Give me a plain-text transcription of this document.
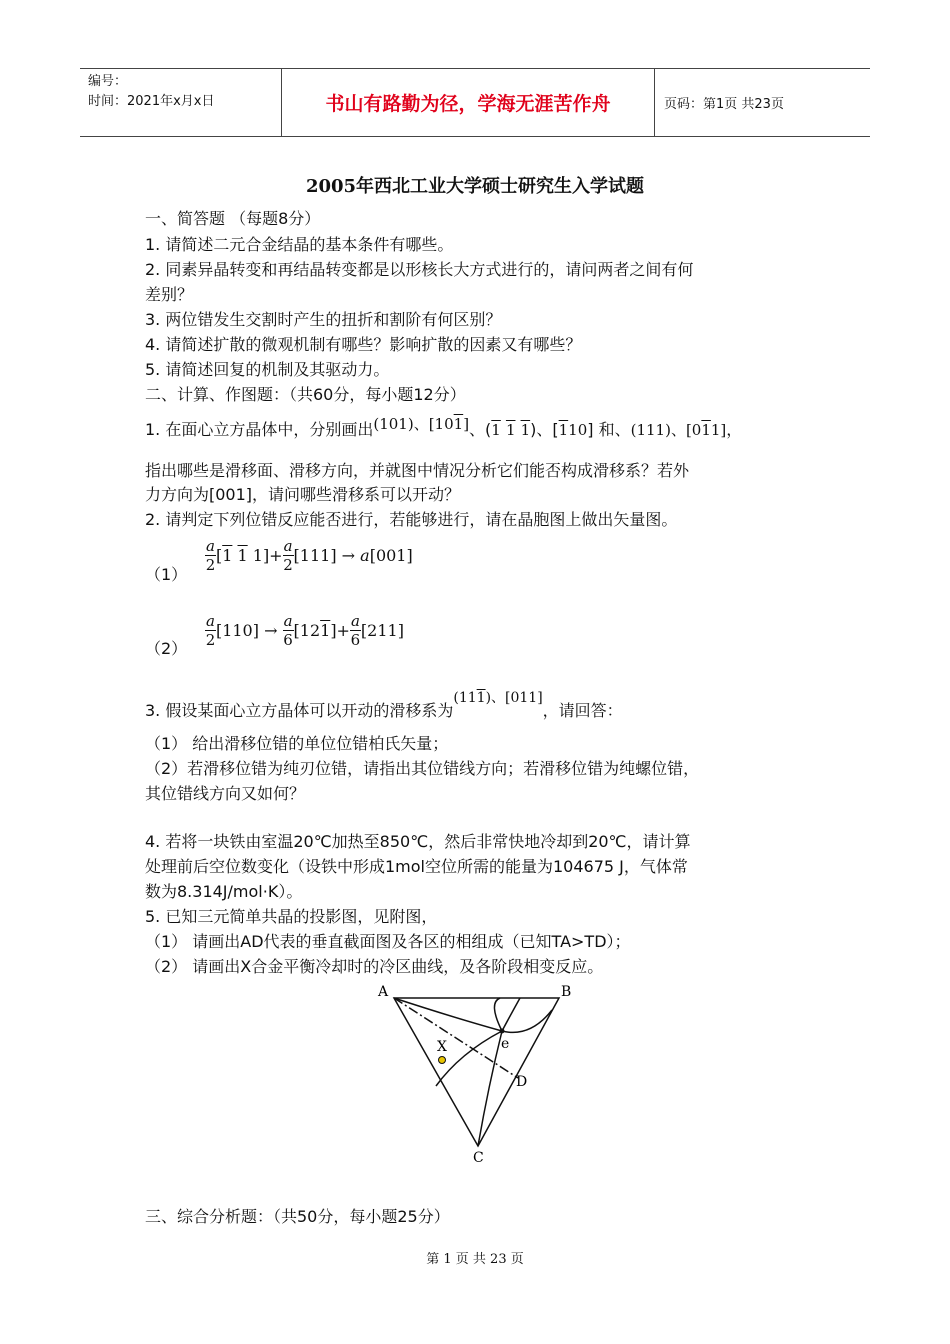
编号：
时间：2021年x月x日	书山有路勤为径，学海无涯苦作舟	页码：第1页 共23页
2005年西北工业大学硕士研究生入学试题
一、简答题 （每题8分）
1. 请简述二元合金结晶的基本条件有哪些。
2. 同素异晶转变和再结晶转变都是以形核长大方式进行的，请问两者之间有何
差别？
3. 两位错发生交割时产生的扭折和割阶有何区别？
4. 请简述扩散的微观机制有哪些？影响扩散的因素又有哪些？
5. 请简述回复的机制及其驱动力。
二、计算、作图题：（共60分，每小题12分）
1. 在面心立方晶体中，分别画出(101)、[101]、(1 1 1)、[110] 和、(111)、[011]，
指出哪些是滑移面、滑移方向，并就图中情况分析它们能否构成滑移系？若外
力方向为[001]，请问哪些滑移系可以开动？
2. 请判定下列位错反应能否进行，若能够进行，请在晶胞图上做出矢量图。
（1）
$\frac{a}{2} [1$ 1 $1]+ \frac{a}{2} [111] \to a[001]$
$(2) \frac{a}{2} [110] \to \frac{a}{6} [121]+ \frac{a}{6} [211]$
3. 假设某面心立方晶体可以开动的滑移系为(111)、[011]，请回答：
（1） 给出滑移位错的单位位错柏氏矢量；
（2）若滑移位错为纯刃位错，请指出其位错线方向；若滑移位错为纯螺位错，
其位错线方向又如何？
4. 若将一块铁由室温20℃加热至850℃，然后非常快地冷却到20℃，请计算
处理前后空位数变化（设铁中形成1mol空位所需的能量为104675 J，气体常
数为8.314J/mol·K）。
5. 已知三元简单共晶的投影图，见附图，
（1） 请画出AD代表的垂直截面图及各区的相组成（已知TA>TD）；
（2） 请画出X合金平衡冷却时的冷区曲线，及各阶段相变反应。
A	B
C
D
e
X
三、综合分析题：（共50分，每小题25分）
第 1 页 共 23 页
